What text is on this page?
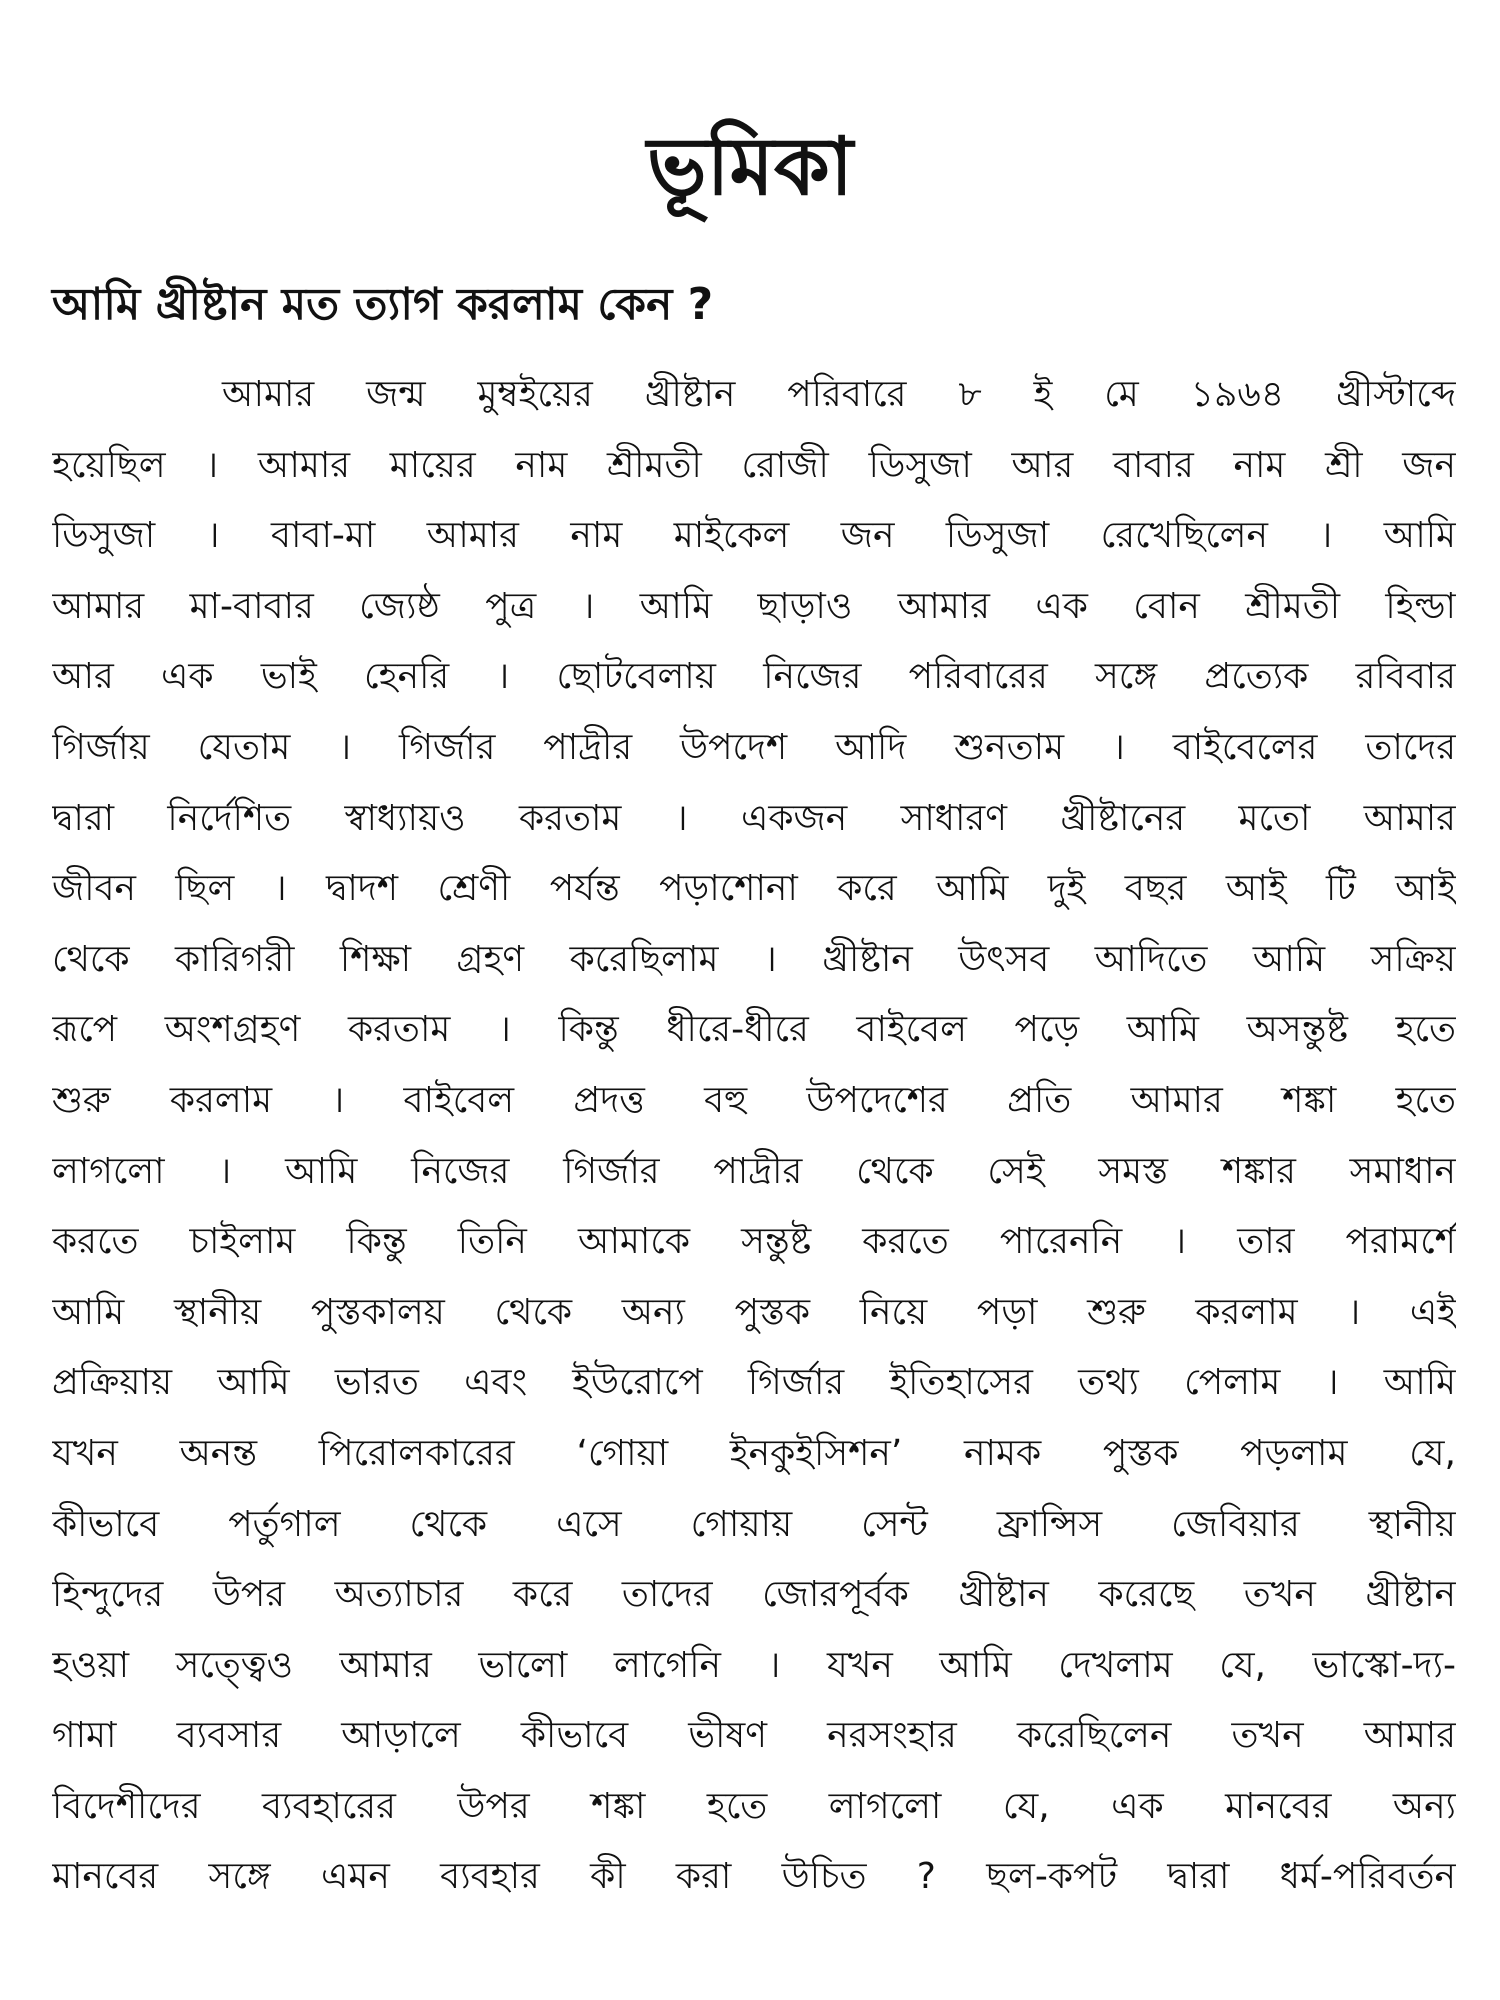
ভূমিকা
আমি খ্রীষ্টান মত ত্যাগ করলাম কেন ?
আমার জন্ম মুম্বইয়ের খ্রীষ্টান পরিবারে ৮ ই মে ১৯৬৪ খ্রীস্টাব্দে
হয়েছিল । আমার মায়ের নাম শ্রীমতী রোজী ডিসুজা আর বাবার নাম শ্রী জন
ডিসুজা । বাবা-মা আমার নাম মাইকেল জন ডিসুজা রেখেছিলেন । আমি
আমার মা-বাবার জ্যেষ্ঠ পুত্র । আমি ছাড়াও আমার এক বোন শ্রীমতী হিল্ডা
আর এক ভাই হেনরি । ছোটবেলায় নিজের পরিবারের সঙ্গে প্রত্যেক রবিবার
গির্জায় যেতাম । গির্জার পাদ্রীর উপদেশ আদি শুনতাম । বাইবেলের তাদের
দ্বারা নির্দেশিত স্বাধ্যায়ও করতাম । একজন সাধারণ খ্রীষ্টানের মতো আমার
জীবন ছিল । দ্বাদশ শ্রেণী পর্যন্ত পড়াশোনা করে আমি দুই বছর আই টি আই
থেকে কারিগরী শিক্ষা গ্রহণ করেছিলাম । খ্রীষ্টান উৎসব আদিতে আমি সক্রিয়
রূপে অংশগ্রহণ করতাম । কিন্তু ধীরে-ধীরে বাইবেল পড়ে আমি অসন্তুষ্ট হতে
শুরু করলাম । বাইবেল প্রদত্ত বহু উপদেশের প্রতি আমার শঙ্কা হতে
লাগলো । আমি নিজের গির্জার পাদ্রীর থেকে সেই সমস্ত শঙ্কার সমাধান
করতে চাইলাম কিন্তু তিনি আমাকে সন্তুষ্ট করতে পারেননি । তার পরামর্শে
আমি স্থানীয় পুস্তকালয় থেকে অন্য পুস্তক নিয়ে পড়া শুরু করলাম । এই
প্রক্রিয়ায় আমি ভারত এবং ইউরোপে গির্জার ইতিহাসের তথ্য পেলাম । আমি
যখন অনন্ত পিরোলকারের ‘গোয়া ইনকুইসিশন’ নামক পুস্তক পড়লাম যে,
কীভাবে পর্তুগাল থেকে এসে গোয়ায় সেন্ট ফ্রান্সিস জেবিয়ার স্থানীয়
হিন্দুদের উপর অত্যাচার করে তাদের জোরপূর্বক খ্রীষ্টান করেছে তখন খ্রীষ্টান
হওয়া সত্ত্বেও আমার ভালো লাগেনি । যখন আমি দেখলাম যে, ভাস্কো-দ্য-
গামা ব্যবসার আড়ালে কীভাবে ভীষণ নরসংহার করেছিলেন তখন আমার
বিদেশীদের ব্যবহারের উপর শঙ্কা হতে লাগলো যে, এক মানবের অন্য
মানবের সঙ্গে এমন ব্যবহার কী করা উচিত ? ছল-কপট দ্বারা ধর্ম-পরিবর্তন
